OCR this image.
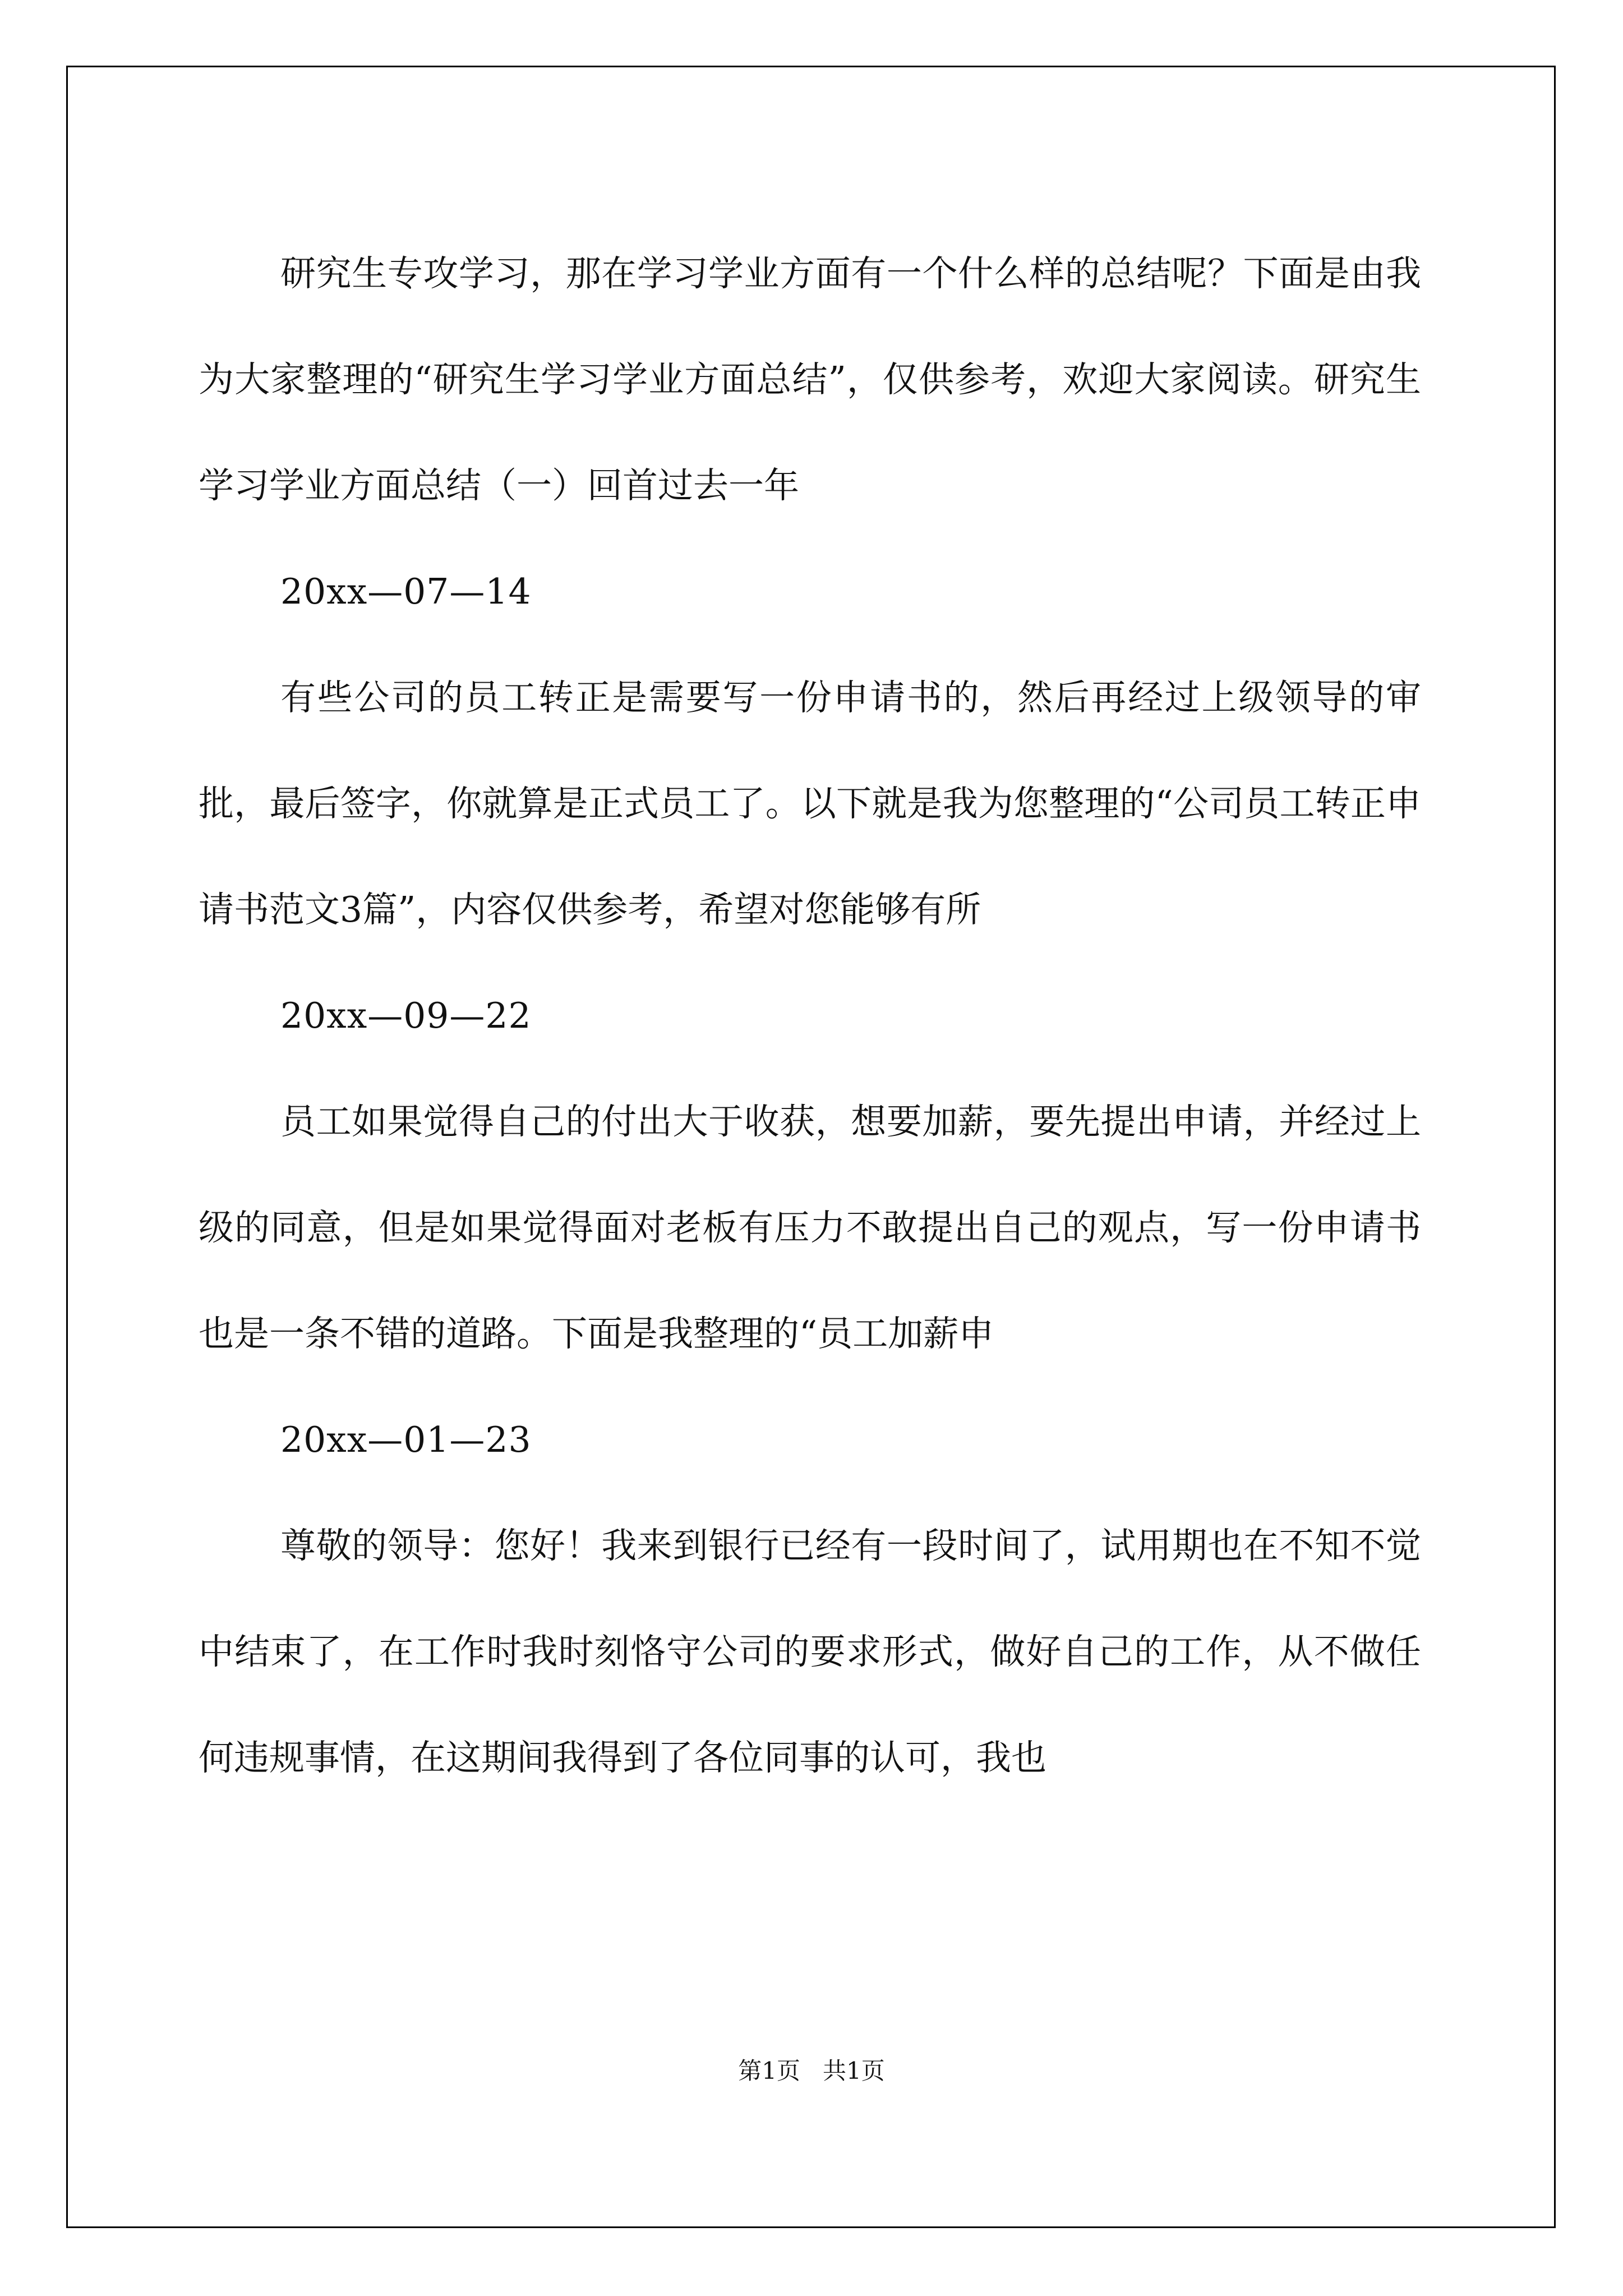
研究生专攻学习，那在学习学业方面有一个什么样的总结呢？下面是由我为大家整理的“研究生学习学业方面总结”，仅供参考，欢迎大家阅读。研究生学习学业方面总结（一）回首过去一年

20xx—07—14

有些公司的员工转正是需要写一份申请书的，然后再经过上级领导的审批，最后签字，你就算是正式员工了。以下就是我为您整理的“公司员工转正申请书范文3篇”，内容仅供参考，希望对您能够有所

20xx—09—22

员工如果觉得自己的付出大于收获，想要加薪，要先提出申请，并经过上级的同意，但是如果觉得面对老板有压力不敢提出自己的观点，写一份申请书也是一条不错的道路。下面是我整理的“员工加薪申

20xx—01—23

尊敬的领导：您好！我来到银行已经有一段时间了，试用期也在不知不觉中结束了，在工作时我时刻恪守公司的要求形式，做好自己的工作，从不做任何违规事情，在这期间我得到了各位同事的认可，我也

第1页 共1页
